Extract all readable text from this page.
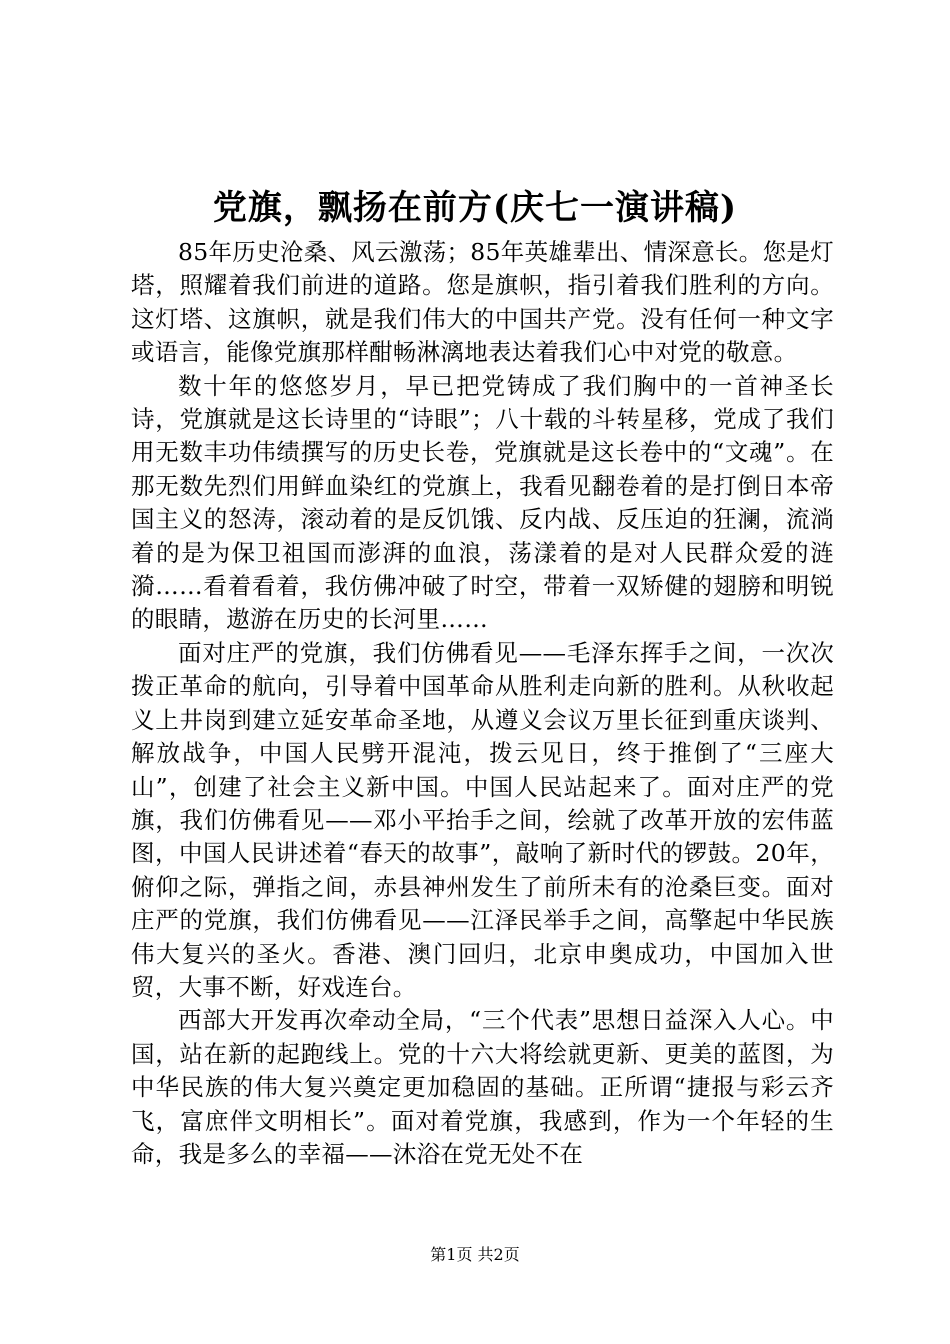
党旗，飘扬在前方(庆七一演讲稿)

85年历史沧桑、风云激荡；85年英雄辈出、情深意长。您是灯塔，照耀着我们前进的道路。您是旗帜，指引着我们胜利的方向。这灯塔、这旗帜，就是我们伟大的中国共产党。没有任何一种文字或语言，能像党旗那样酣畅淋漓地表达着我们心中对党的敬意。

数十年的悠悠岁月，早已把党铸成了我们胸中的一首神圣长诗，党旗就是这长诗里的“诗眼”；八十载的斗转星移，党成了我们用无数丰功伟绩撰写的历史长卷，党旗就是这长卷中的“文魂”。在那无数先烈们用鲜血染红的党旗上，我看见翻卷着的是打倒日本帝国主义的怒涛，滚动着的是反饥饿、反内战、反压迫的狂澜，流淌着的是为保卫祖国而澎湃的血浪，荡漾着的是对人民群众爱的涟漪……看着看着，我仿佛冲破了时空，带着一双矫健的翅膀和明锐的眼睛，遨游在历史的长河里……

面对庄严的党旗，我们仿佛看见——毛泽东挥手之间，一次次拨正革命的航向，引导着中国革命从胜利走向新的胜利。从秋收起义上井岗到建立延安革命圣地，从遵义会议万里长征到重庆谈判、解放战争，中国人民劈开混沌，拨云见日，终于推倒了“三座大山”，创建了社会主义新中国。中国人民站起来了。面对庄严的党旗，我们仿佛看见——邓小平抬手之间，绘就了改革开放的宏伟蓝图，中国人民讲述着“春天的故事”，敲响了新时代的锣鼓。20年，俯仰之际，弹指之间，赤县神州发生了前所未有的沧桑巨变。面对庄严的党旗，我们仿佛看见——江泽民举手之间，高擎起中华民族伟大复兴的圣火。香港、澳门回归，北京申奥成功，中国加入世贸，大事不断，好戏连台。

西部大开发再次牵动全局，“三个代表”思想日益深入人心。中国，站在新的起跑线上。党的十六大将绘就更新、更美的蓝图，为中华民族的伟大复兴奠定更加稳固的基础。正所谓“捷报与彩云齐飞，富庶伴文明相长”。面对着党旗，我感到，作为一个年轻的生命，我是多么的幸福——沐浴在党无处不在

第1页 共2页
